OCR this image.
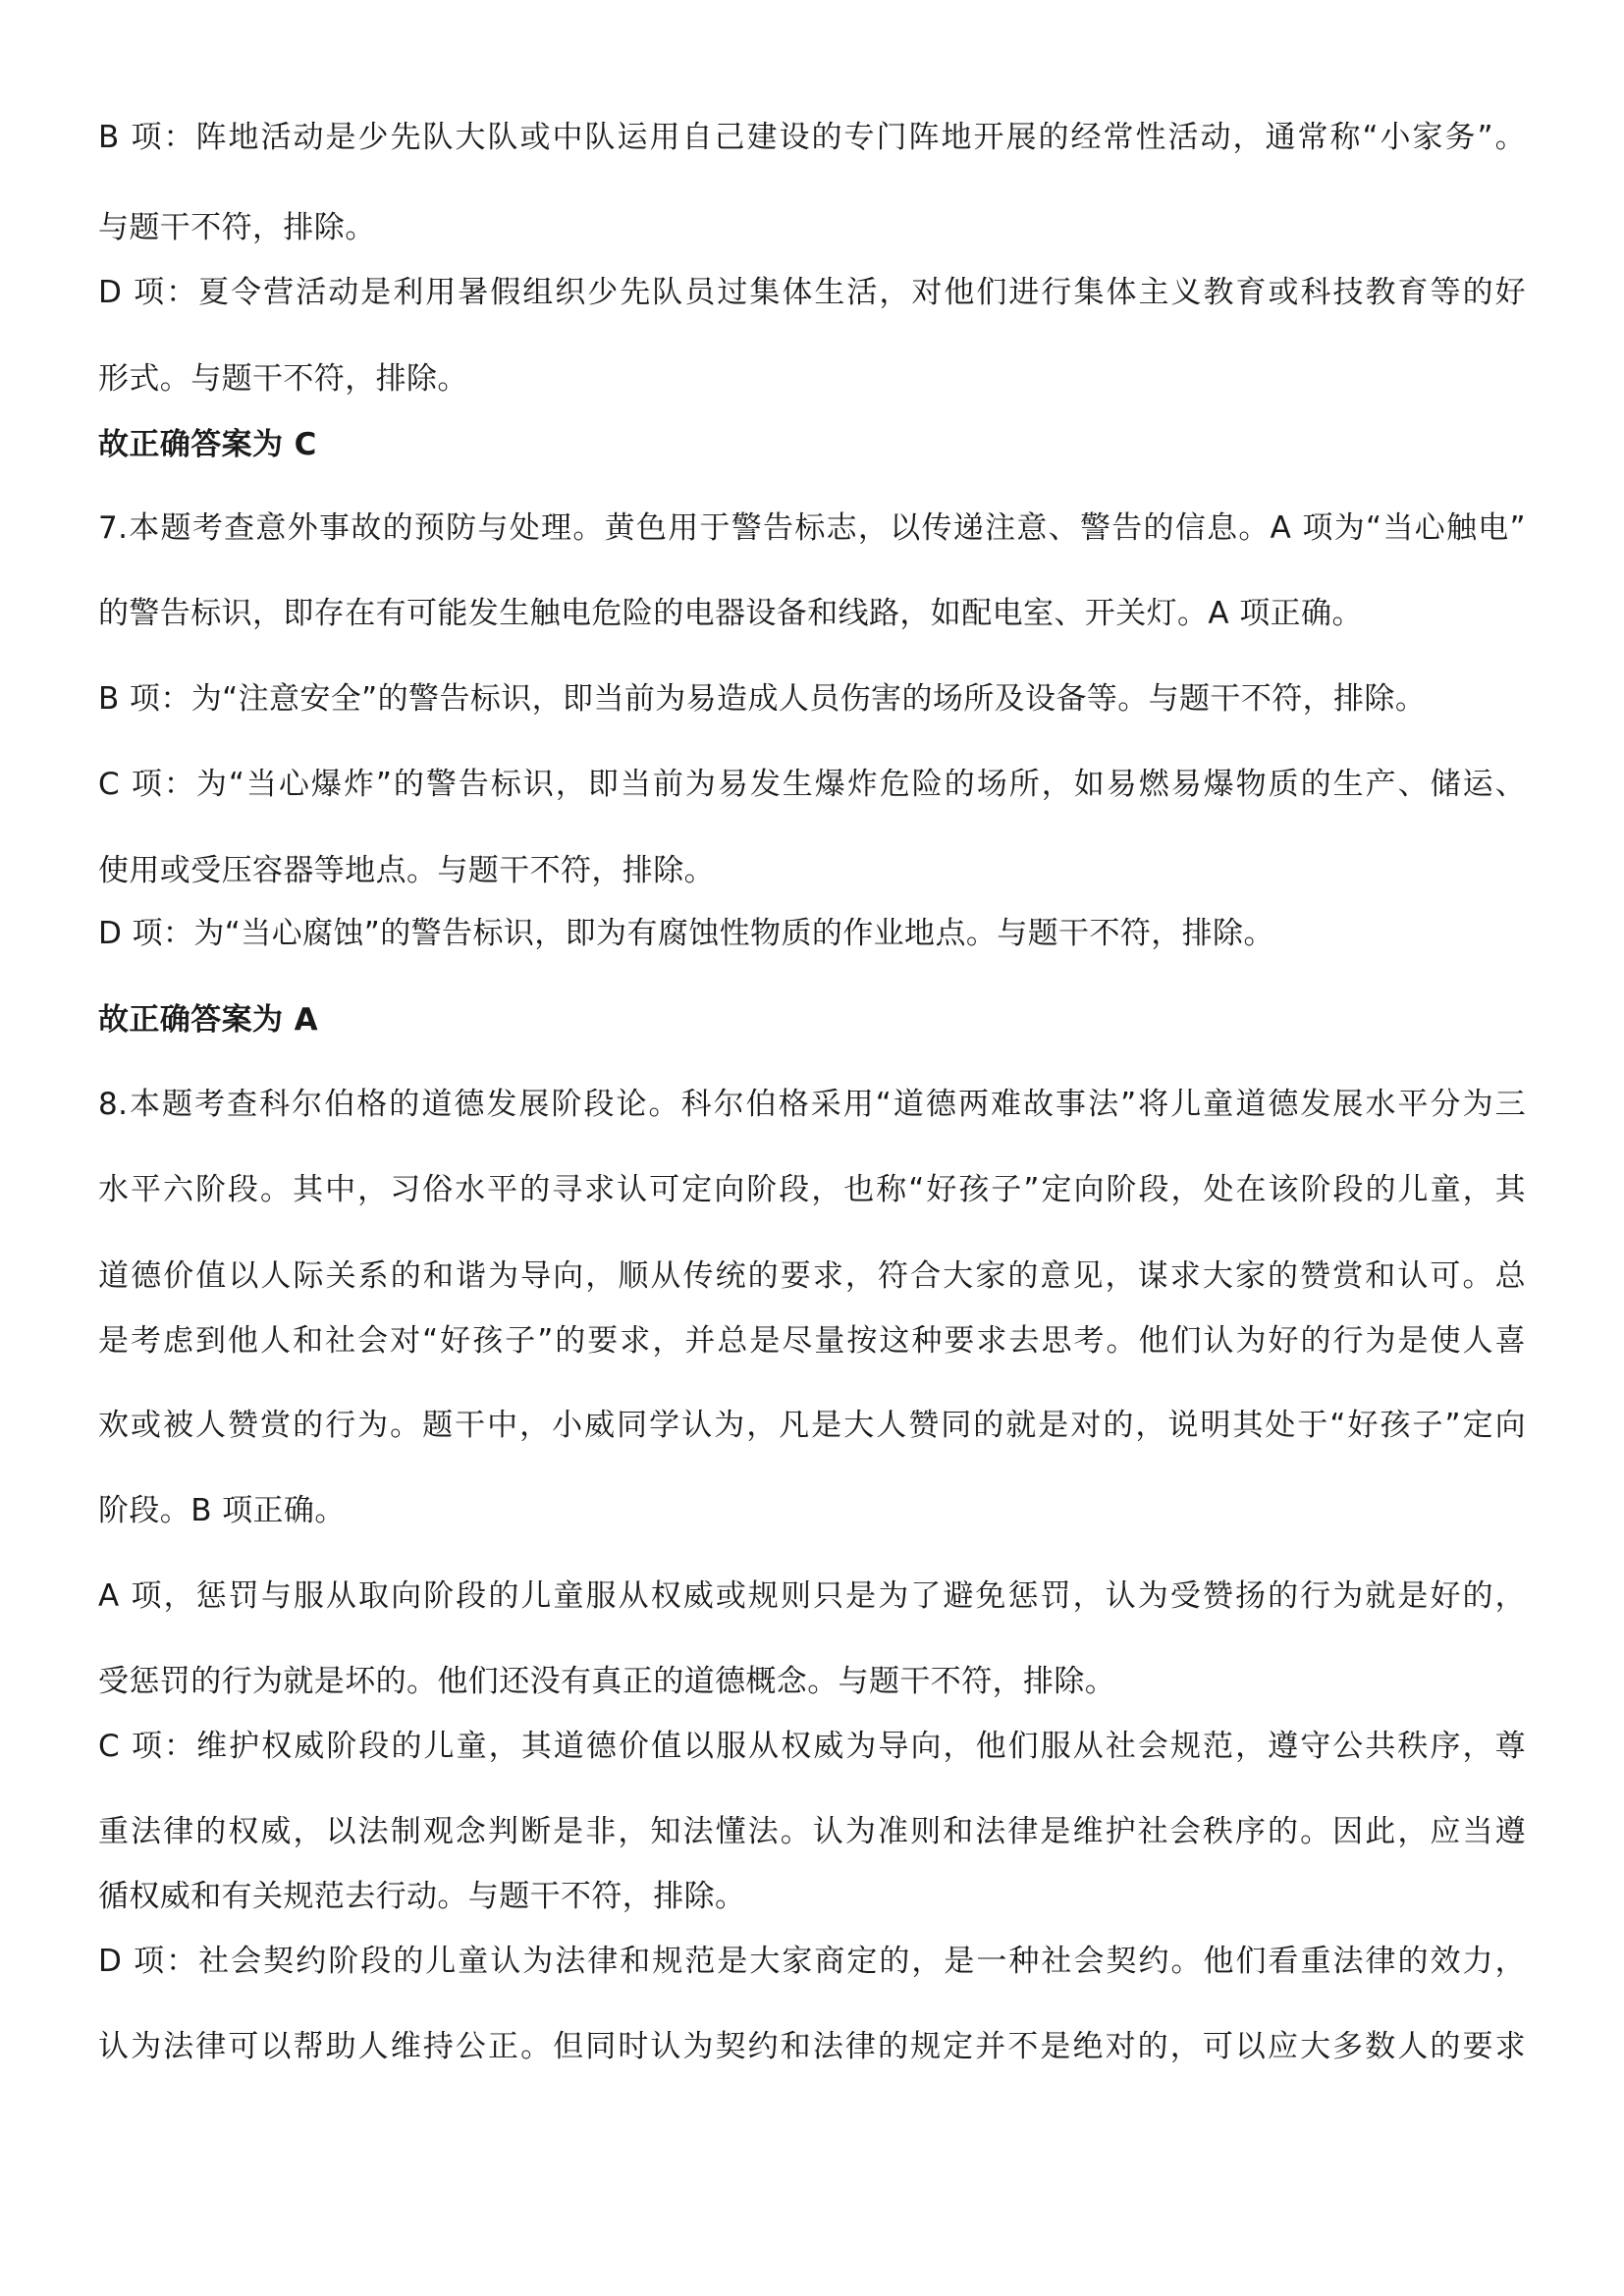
B 项：阵地活动是少先队大队或中队运用自己建设的专门阵地开展的经常性活动，通常称“小家务”。
与题干不符，排除。
D 项：夏令营活动是利用暑假组织少先队员过集体生活，对他们进行集体主义教育或科技教育等的好
形式。与题干不符，排除。
故正确答案为 C
7.本题考查意外事故的预防与处理。黄色用于警告标志，以传递注意、警告的信息。A 项为“当心触电”
的警告标识，即存在有可能发生触电危险的电器设备和线路，如配电室、开关灯。A 项正确。
B 项：为“注意安全”的警告标识，即当前为易造成人员伤害的场所及设备等。与题干不符，排除。
C 项：为“当心爆炸”的警告标识，即当前为易发生爆炸危险的场所，如易燃易爆物质的生产、储运、
使用或受压容器等地点。与题干不符，排除。
D 项：为“当心腐蚀”的警告标识，即为有腐蚀性物质的作业地点。与题干不符，排除。
故正确答案为 A
8.本题考查科尔伯格的道德发展阶段论。科尔伯格采用“道德两难故事法”将儿童道德发展水平分为三
水平六阶段。其中，习俗水平的寻求认可定向阶段，也称“好孩子”定向阶段，处在该阶段的儿童，其
道德价值以人际关系的和谐为导向，顺从传统的要求，符合大家的意见，谋求大家的赞赏和认可。总
是考虑到他人和社会对“好孩子”的要求，并总是尽量按这种要求去思考。他们认为好的行为是使人喜
欢或被人赞赏的行为。题干中，小威同学认为，凡是大人赞同的就是对的，说明其处于“好孩子”定向
阶段。B 项正确。
A 项，惩罚与服从取向阶段的儿童服从权威或规则只是为了避免惩罚，认为受赞扬的行为就是好的，
受惩罚的行为就是坏的。他们还没有真正的道德概念。与题干不符，排除。
C 项：维护权威阶段的儿童，其道德价值以服从权威为导向，他们服从社会规范，遵守公共秩序，尊
重法律的权威，以法制观念判断是非，知法懂法。认为准则和法律是维护社会秩序的。因此，应当遵
循权威和有关规范去行动。与题干不符，排除。
D 项：社会契约阶段的儿童认为法律和规范是大家商定的，是一种社会契约。他们看重法律的效力，
认为法律可以帮助人维持公正。但同时认为契约和法律的规定并不是绝对的，可以应大多数人的要求
